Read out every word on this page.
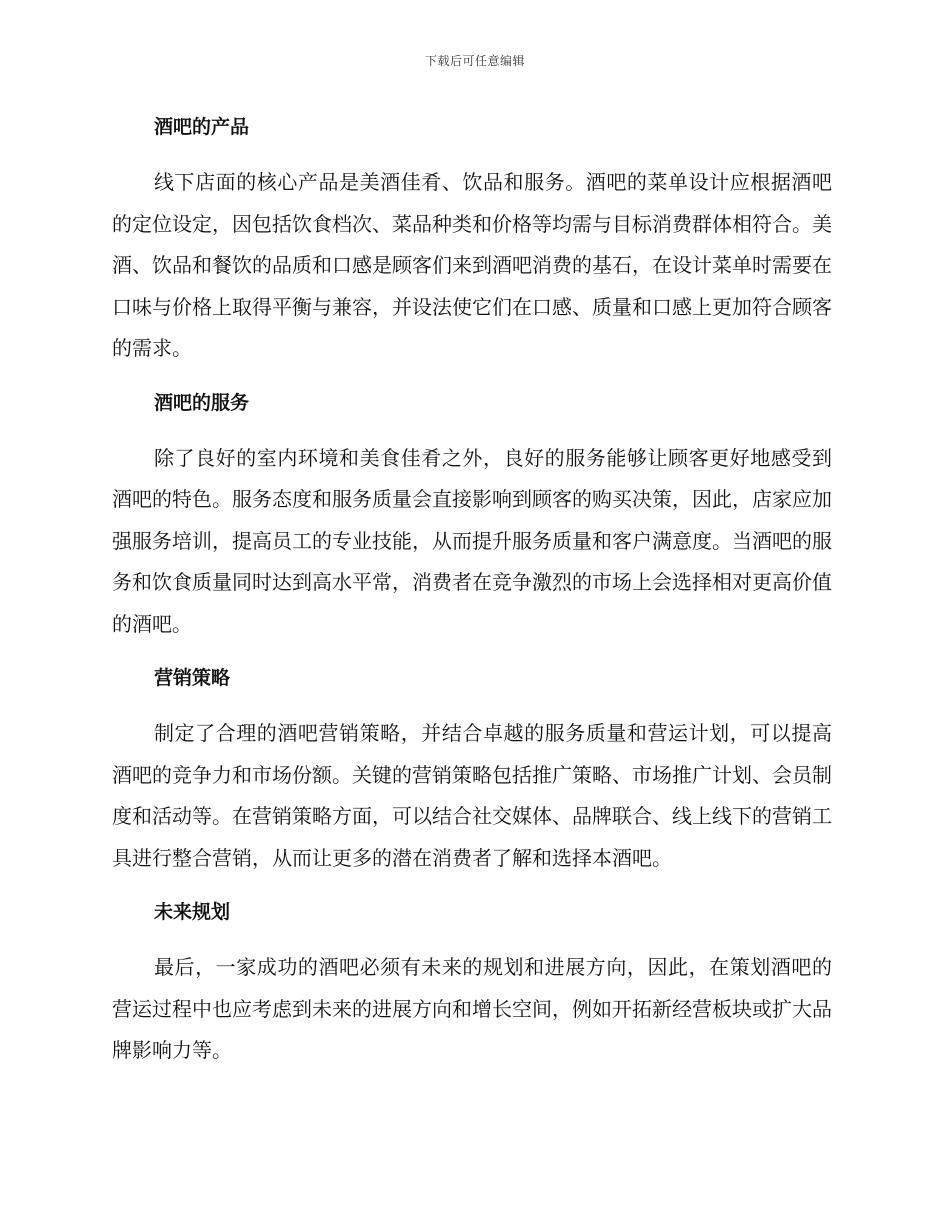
下载后可任意编辑
酒吧的产品

线下店面的核心产品是美酒佳肴、饮品和服务。酒吧的菜单设计应根据酒吧的定位设定，因包括饮食档次、菜品种类和价格等均需与目标消费群体相符合。美酒、饮品和餐饮的品质和口感是顾客们来到酒吧消费的基石，在设计菜单时需要在口味与价格上取得平衡与兼容，并设法使它们在口感、质量和口感上更加符合顾客的需求。

酒吧的服务

除了良好的室内环境和美食佳肴之外，良好的服务能够让顾客更好地感受到酒吧的特色。服务态度和服务质量会直接影响到顾客的购买决策，因此，店家应加强服务培训，提高员工的专业技能，从而提升服务质量和客户满意度。当酒吧的服务和饮食质量同时达到高水平常，消费者在竞争激烈的市场上会选择相对更高价值的酒吧。

营销策略

制定了合理的酒吧营销策略，并结合卓越的服务质量和营运计划，可以提高酒吧的竞争力和市场份额。关键的营销策略包括推广策略、市场推广计划、会员制度和活动等。在营销策略方面，可以结合社交媒体、品牌联合、线上线下的营销工具进行整合营销，从而让更多的潜在消费者了解和选择本酒吧。

未来规划

最后，一家成功的酒吧必须有未来的规划和进展方向，因此，在策划酒吧的营运过程中也应考虑到未来的进展方向和增长空间，例如开拓新经营板块或扩大品牌影响力等。
